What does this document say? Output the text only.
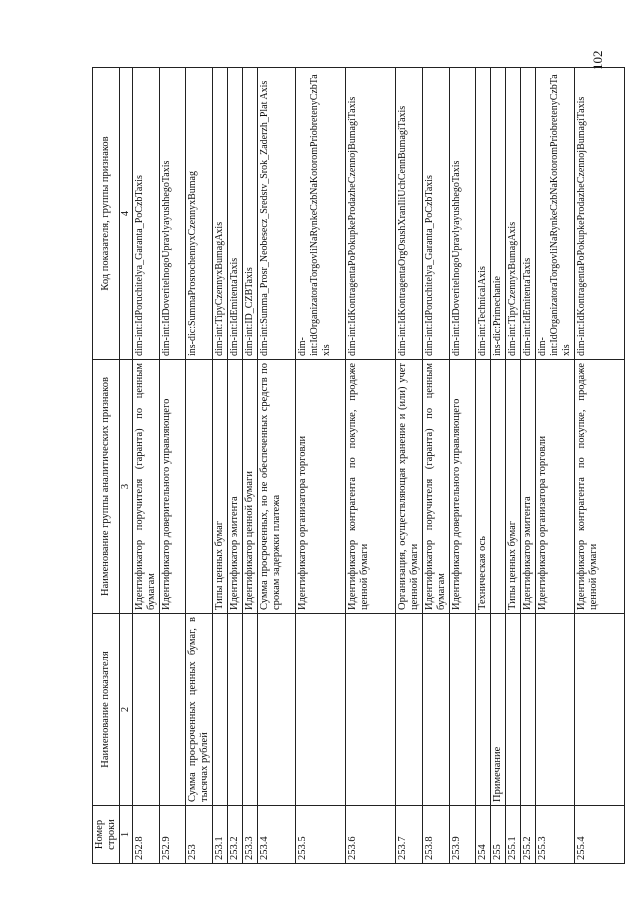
102
Номер строки	Наименование показателя	Наименование группы аналитических признаков	Код показателя, группы признаков
1	2	3	4
252.8		Идентификатор поручителя (гаранта) по ценным бумагам	dim-int:IdPoruchitelya_Garanta_PoCzbTaxis
252.9		Идентификатор доверительного управляющего	dim-int:IdDoveritelnogoUpravlyayushhegoTaxis
253	Сумма просроченных ценных бумаг, в тысячах рублей		ins-dic:SummaProsrochennyxCzennyxBumag
253.1		Типы ценных бумаг	dim-int:TipyCzennyxBumagAxis
253.2		Идентификатор эмитента	dim-int:IdEmitentaTaxis
253.3		Идентификатор ценной бумаги	dim-int:ID_CZBTaxis
253.4		Сумма просроченных, но не обеспеченных средств по срокам задержки платежа	dim-int:Summa_Prosr_Neobesecz_Sredstv_Srok_Zaderzh_Plat Axis
253.5		Идентификатор организатора торговли	dim-int:IdOrganizatoraTorgovliNaRynkeCzbNaKotoromPriobretenyCzbTaxis
253.6		Идентификатор контрагента по покупке, продаже ценной бумаги	dim-int:IdKontragentaPoPokupkeProdazheCzennojBumagiTaxis
253.7		Организация, осуществляющая хранение и (или) учет ценной бумаги	dim-int:IdKontragentaOrgOsushXranIliUchCennBumagiTaxis
253.8		Идентификатор поручителя (гаранта) по ценным бумагам	dim-int:IdPoruchitelya_Garanta_PoCzbTaxis
253.9		Идентификатор доверительного управляющего	dim-int:IdDoveritelnogoUpravlyayushhegoTaxis
254		Техническая ось	dim-int:TechnicalAxis
255	Примечание		ins-dic:Primechanie
255.1		Типы ценных бумаг	dim-int:TipyCzennyxBumagAxis
255.2		Идентификатор эмитента	dim-int:IdEmitentaTaxis
255.3		Идентификатор организатора торговли	dim-int:IdOrganizatoraTorgovliNaRynkeCzbNaKotoromPriobretenyCzbTaxis
255.4		Идентификатор контрагента по покупке, продаже ценной бумаги	dim-int:IdKontragentaPoPokupkeProdazheCzennojBumagiTaxis
